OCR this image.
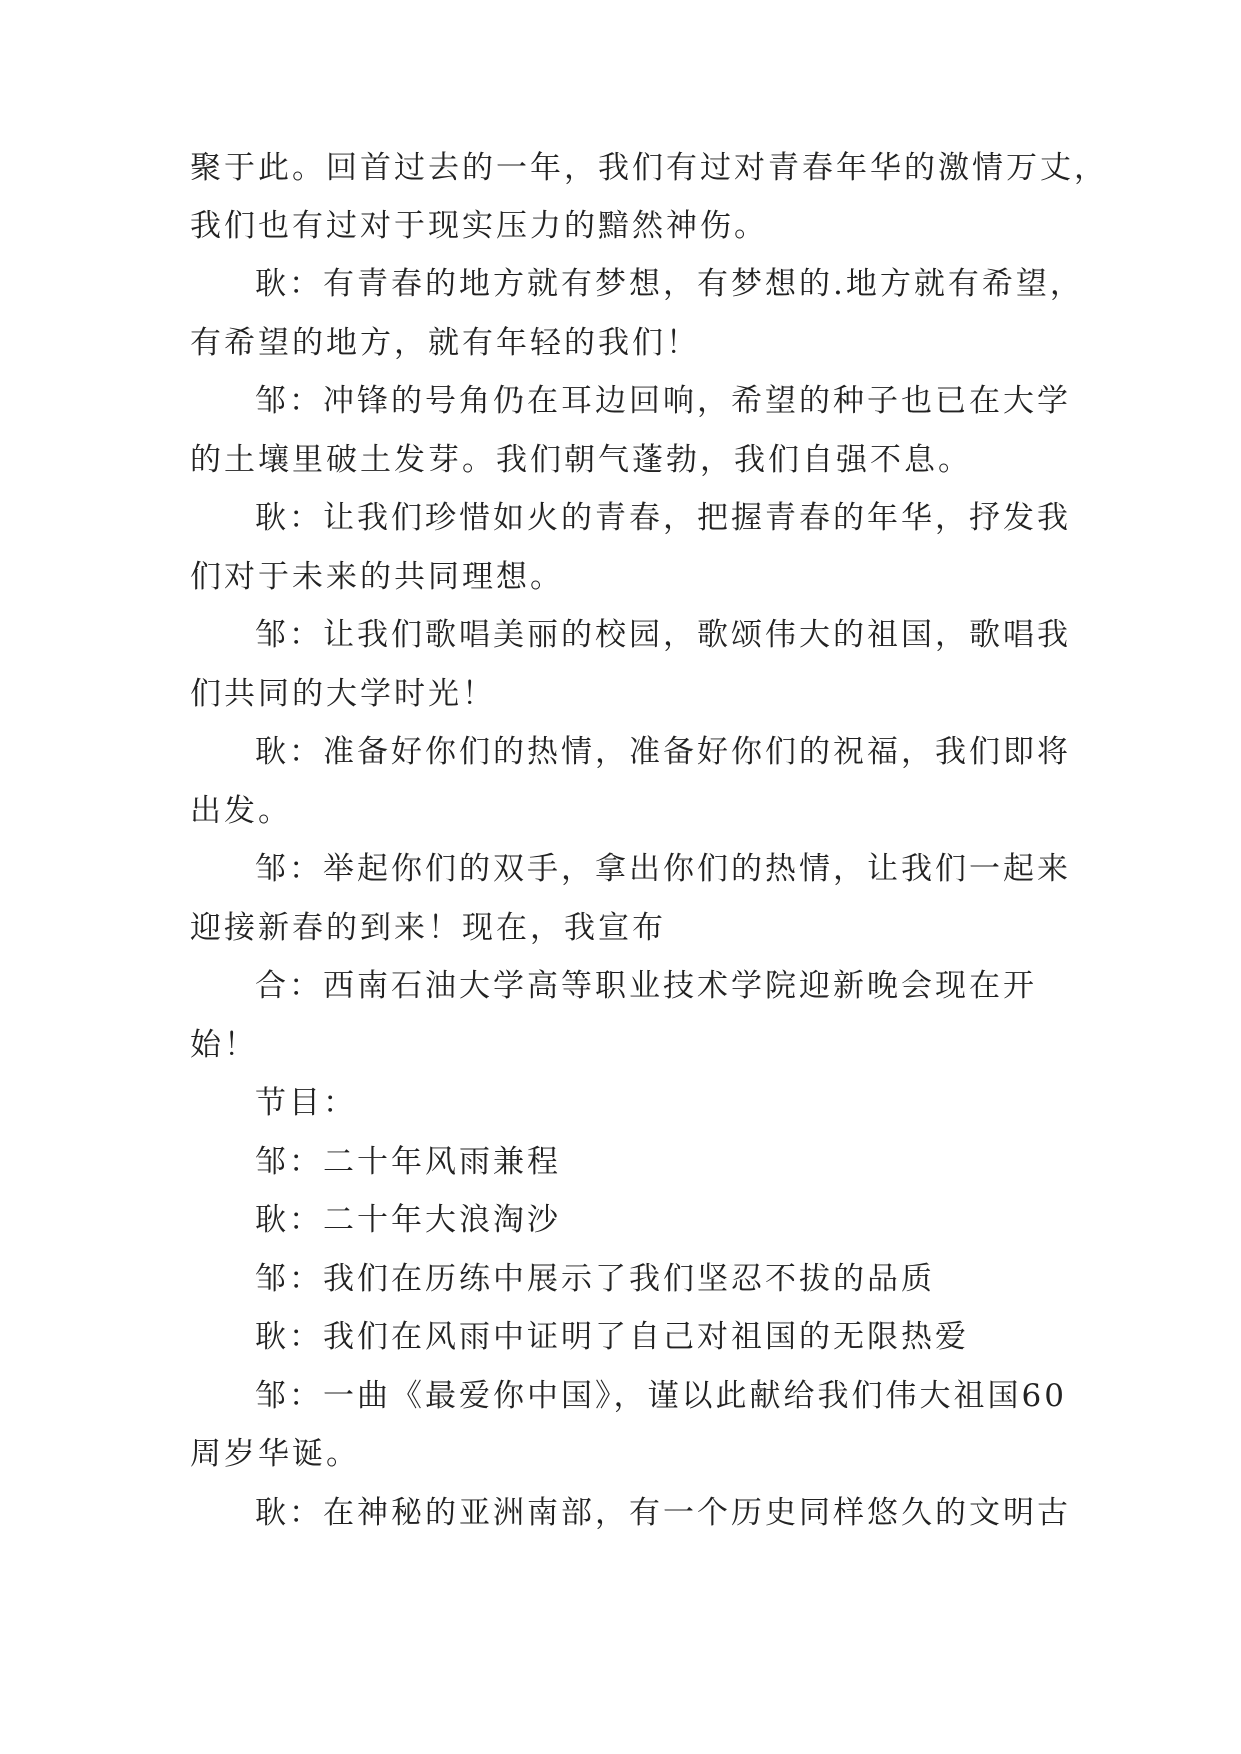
聚于此。回首过去的一年，我们有过对青春年华的激情万丈，
我们也有过对于现实压力的黯然神伤。
耿：有青春的地方就有梦想，有梦想的.地方就有希望，
有希望的地方，就有年轻的我们！
邹：冲锋的号角仍在耳边回响，希望的种子也已在大学
的土壤里破土发芽。我们朝气蓬勃，我们自强不息。
耿：让我们珍惜如火的青春，把握青春的年华，抒发我
们对于未来的共同理想。
邹：让我们歌唱美丽的校园，歌颂伟大的祖国，歌唱我
们共同的大学时光！
耿：准备好你们的热情，准备好你们的祝福，我们即将
出发。
邹：举起你们的双手，拿出你们的热情，让我们一起来
迎接新春的到来！现在，我宣布
合：西南石油大学高等职业技术学院迎新晚会现在开
始！
节目：
邹：二十年风雨兼程
耿：二十年大浪淘沙
邹：我们在历练中展示了我们坚忍不拔的品质
耿：我们在风雨中证明了自己对祖国的无限热爱
邹：一曲《最爱你中国》，谨以此献给我们伟大祖国60
周岁华诞。
耿：在神秘的亚洲南部，有一个历史同样悠久的文明古
